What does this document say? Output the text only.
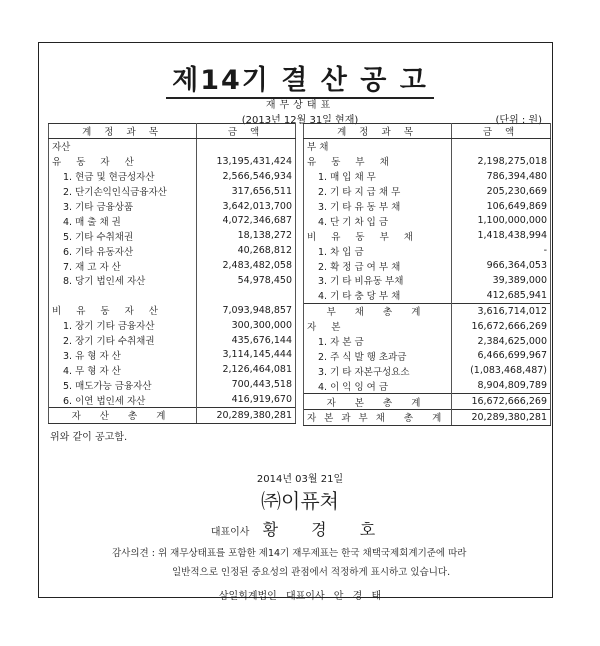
제14기 결 산 공 고
재무상태표
(2013년 12월 31일 현재)	(단위 : 원)
계 정 과 목	금 액
자산	
유 동 자 산	13,195,431,424
1. 현금 및 현금성자산	2,566,546,934
2. 단기손익인식금융자산	317,656,511
3. 기타 금융상품	3,642,013,700
4. 매 출 채 권	4,072,346,687
5. 기타 수취채권	18,138,272
6. 기타 유동자산	40,268,812
7. 재 고 자 산	2,483,482,058
8. 당기 법인세 자산	54,978,450

비 유 동 자 산	7,093,948,857
1. 장기 기타 금융자산	300,300,000
2. 장기 기타 수취채권	435,676,144
3. 유 형 자 산	3,114,145,444
4. 무 형 자 산	2,126,464,081
5. 매도가능 금융자산	700,443,518
6. 이연 법인세 자산	416,919,670
자 산 총 계	20,289,380,281
계 정 과 목	금 액
부 채	
유 동 부 채	2,198,275,018
1. 매 입 채 무	786,394,480
2. 기 타 지 급 채 무	205,230,669
3. 기 타 유 동 부 채	106,649,869
4. 단 기 차 입 금	1,100,000,000
비 유 동 부 채	1,418,438,994
1. 차 입 금	-
2. 확 정 급 여 부 채	966,364,053
3. 기 타 비유동 부채	39,389,000
4. 기 타 충 당 부 채	412,685,941
부 채 총 계	3,616,714,012
자 본	16,672,666,269
1. 자 본 금	2,384,625,000
2. 주 식 발 행 초과금	6,466,699,967
3. 기 타 자본구성요소	(1,083,468,487)
4. 이 익 잉 여 금	8,904,809,789
자 본 총 계	16,672,666,269
자본과부채 총 계	20,289,380,281
위와 같이 공고함.
2014년 03월 21일
㈜이퓨쳐
대표이사 황 경 호
감사의견 : 위 재무상태표를 포함한 제14기 재무제표는 한국 채택국제회계기준에 따라
일반적으로 인정된 중요성의 관점에서 적정하게 표시하고 있습니다.
삼일회계법인 대표이사 안 경 태
